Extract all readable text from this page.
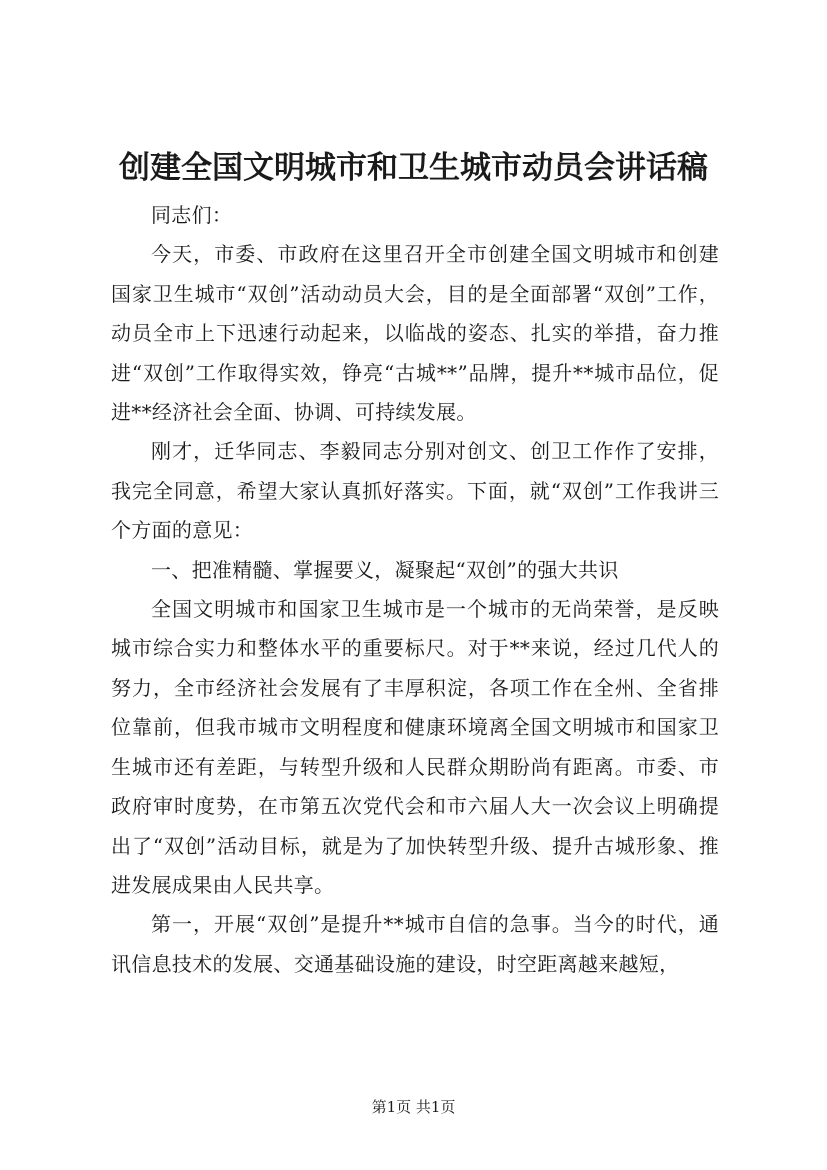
创建全国文明城市和卫生城市动员会讲话稿

同志们：

今天，市委、市政府在这里召开全市创建全国文明城市和创建国家卫生城市“双创”活动动员大会，目的是全面部署“双创”工作，动员全市上下迅速行动起来，以临战的姿态、扎实的举措，奋力推进“双创”工作取得实效，铮亮“古城**”品牌，提升**城市品位，促进**经济社会全面、协调、可持续发展。

刚才，迁华同志、李毅同志分别对创文、创卫工作作了安排，我完全同意，希望大家认真抓好落实。下面，就“双创”工作我讲三个方面的意见：

一、把准精髓、掌握要义，凝聚起“双创”的强大共识

全国文明城市和国家卫生城市是一个城市的无尚荣誉，是反映城市综合实力和整体水平的重要标尺。对于**来说，经过几代人的努力，全市经济社会发展有了丰厚积淀，各项工作在全州、全省排位靠前，但我市城市文明程度和健康环境离全国文明城市和国家卫生城市还有差距，与转型升级和人民群众期盼尚有距离。市委、市政府审时度势，在市第五次党代会和市六届人大一次会议上明确提出了“双创”活动目标，就是为了加快转型升级、提升古城形象、推进发展成果由人民共享。

第一，开展“双创”是提升**城市自信的急事。当今的时代，通讯信息技术的发展、交通基础设施的建设，时空距离越来越短，

第1页 共1页
